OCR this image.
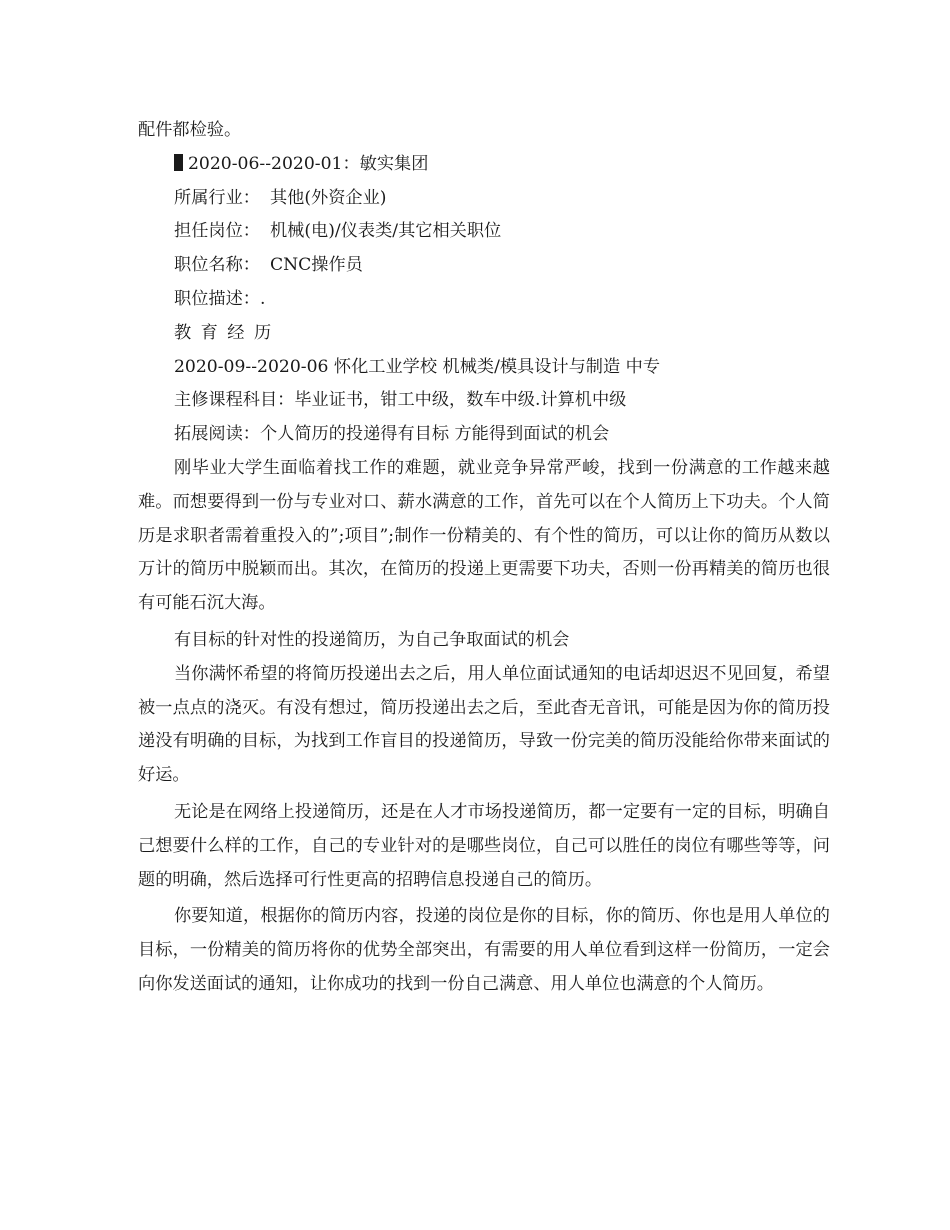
配件都检验。
2020-06--2020-01：敏实集团
所属行业： 其他(外资企业)
担任岗位： 机械(电)/仪表类/其它相关职位
职位名称： CNC操作员
职位描述：.
教育经历
2020-09--2020-06 怀化工业学校 机械类/模具设计与制造 中专
主修课程科目：毕业证书，钳工中级，数车中级.计算机中级
拓展阅读：个人简历的投递得有目标 方能得到面试的机会

刚毕业大学生面临着找工作的难题，就业竞争异常严峻，找到一份满意的工作越来越难。而想要得到一份与专业对口、薪水满意的工作，首先可以在个人简历上下功夫。个人简历是求职者需着重投入的”;项目”;制作一份精美的、有个性的简历，可以让你的简历从数以万计的简历中脱颖而出。其次，在简历的投递上更需要下功夫，否则一份再精美的简历也很有可能石沉大海。

有目标的针对性的投递简历，为自己争取面试的机会

当你满怀希望的将简历投递出去之后，用人单位面试通知的电话却迟迟不见回复，希望被一点点的浇灭。有没有想过，简历投递出去之后，至此杳无音讯，可能是因为你的简历投递没有明确的目标，为找到工作盲目的投递简历，导致一份完美的简历没能给你带来面试的好运。

无论是在网络上投递简历，还是在人才市场投递简历，都一定要有一定的目标，明确自己想要什么样的工作，自己的专业针对的是哪些岗位，自己可以胜任的岗位有哪些等等，问题的明确，然后选择可行性更高的招聘信息投递自己的简历。

你要知道，根据你的简历内容，投递的岗位是你的目标，你的简历、你也是用人单位的目标，一份精美的简历将你的优势全部突出，有需要的用人单位看到这样一份简历，一定会向你发送面试的通知，让你成功的找到一份自己满意、用人单位也满意的个人简历。
